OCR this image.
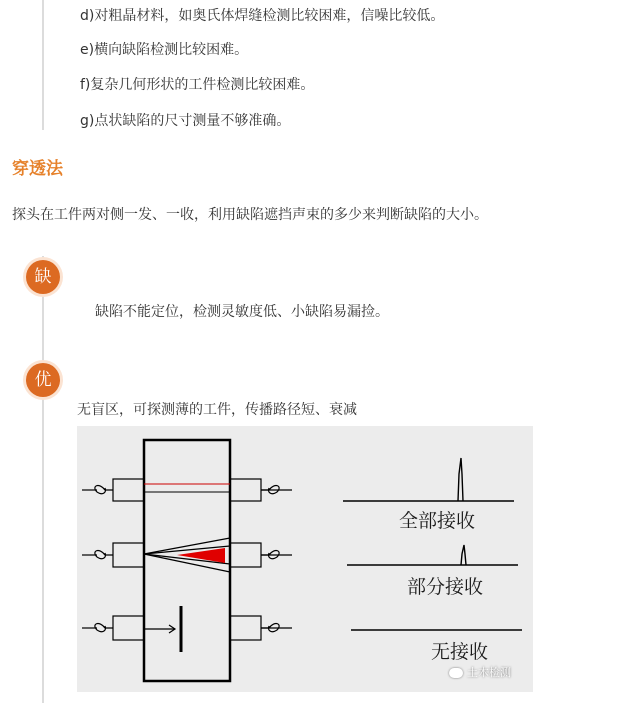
d)对粗晶材料，如奥氏体焊缝检测比较困难，信噪比较低。
e)横向缺陷检测比较困难。
f)复杂几何形状的工件检测比较困难。
g)点状缺陷的尺寸测量不够准确。
穿透法
探头在工件两对侧一发、一收，利用缺陷遮挡声束的多少来判断缺陷的大小。
缺
缺陷不能定位，检测灵敏度低、小缺陷易漏捡。
优
无盲区，可探测薄的工件，传播路径短、衰减
全部接收
部分接收
无接收
土木检测
